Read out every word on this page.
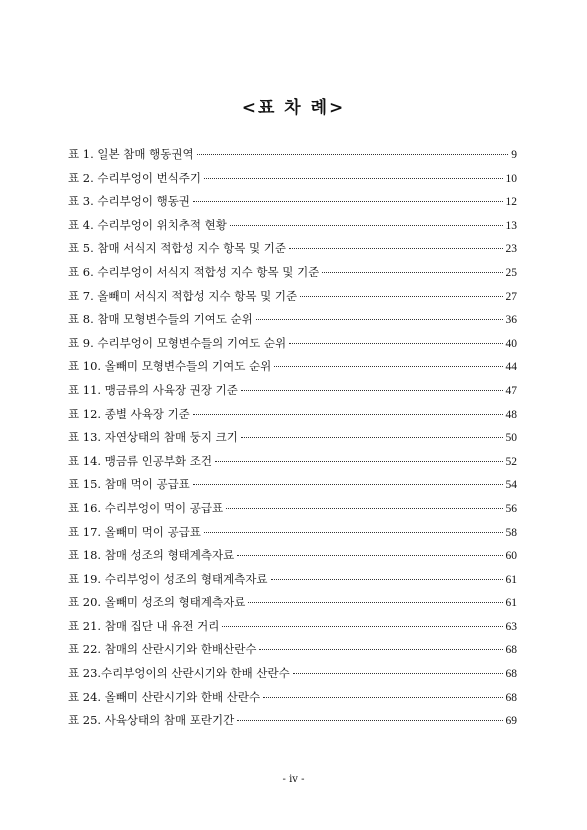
<표 차 례>
표 1. 일본 참매 행동권역	9
표 2. 수리부엉이 번식주기	10
표 3. 수리부엉이 행동권	12
표 4. 수리부엉이 위치추적 현황	13
표 5. 참매 서식지 적합성 지수 항목 및 기준	23
표 6. 수리부엉이 서식지 적합성 지수 항목 및 기준	25
표 7. 올빼미 서식지 적합성 지수 항목 및 기준	27
표 8. 참매 모형변수들의 기여도 순위	36
표 9. 수리부엉이 모형변수들의 기여도 순위	40
표 10. 올빼미 모형변수들의 기여도 순위	44
표 11. 맹금류의 사육장 권장 기준	47
표 12. 종별 사육장 기준	48
표 13. 자연상태의 참매 둥지 크기	50
표 14. 맹금류 인공부화 조건	52
표 15. 참매 먹이 공급표	54
표 16. 수리부엉이 먹이 공급표	56
표 17. 올빼미 먹이 공급표	58
표 18. 참매 성조의 형태계측자료	60
표 19. 수리부엉이 성조의 형태계측자료	61
표 20. 올빼미 성조의 형태계측자료	61
표 21. 참매 집단 내 유전 거리	63
표 22. 참매의 산란시기와 한배산란수	68
표 23.수리부엉이의 산란시기와 한배 산란수	68
표 24. 올빼미 산란시기와 한배 산란수	68
표 25. 사육상태의 참매 포란기간	69
- iv -
